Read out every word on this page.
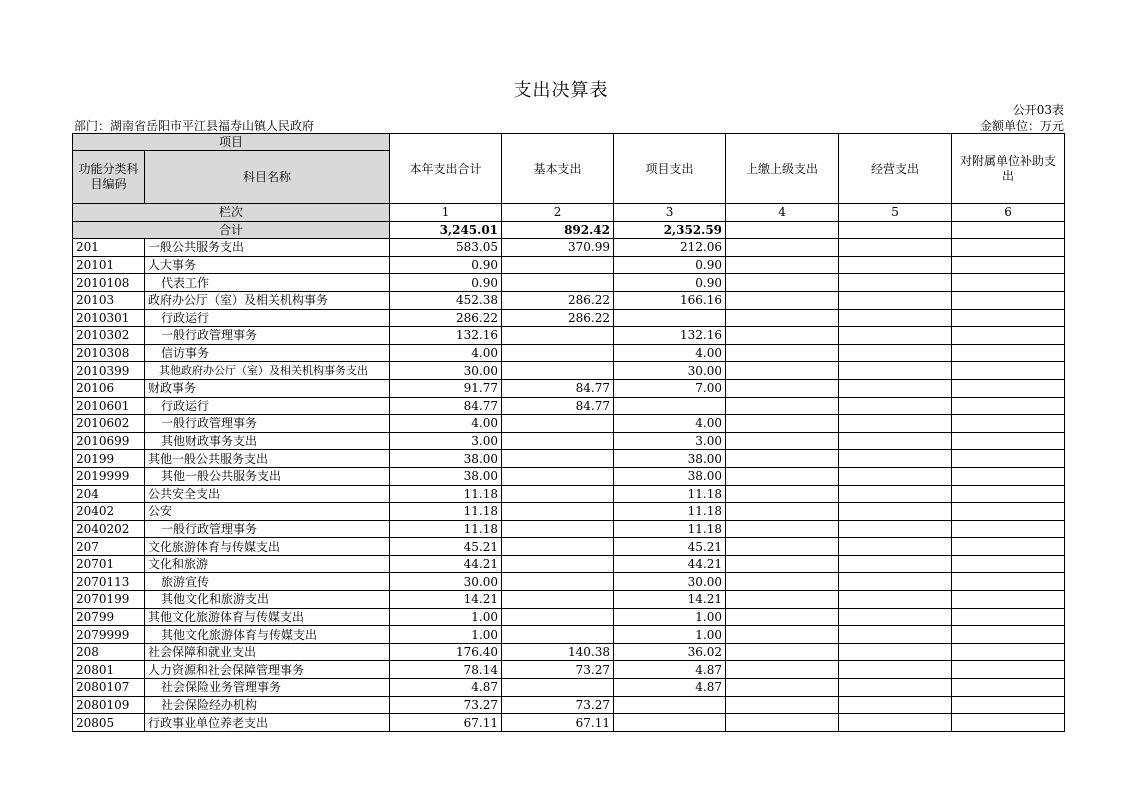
支出决算表
公开03表
部门：湖南省岳阳市平江县福寿山镇人民政府	金额单位：万元
项目		本年支出合计	基本支出	项目支出	上缴上级支出	经营支出	对附属单位补助支出
功能分类科目编码	科目名称						
栏次		1	2	3	4	5	6
合计		3,245.01	892.42	2,352.59			
201	一般公共服务支出	583.05	370.99	212.06			
20101	人大事务	0.90		0.90			
2010108	代表工作	0.90		0.90			
20103	政府办公厅（室）及相关机构事务	452.38	286.22	166.16			
2010301	行政运行	286.22	286.22				
2010302	一般行政管理事务	132.16		132.16			
2010308	信访事务	4.00		4.00			
2010399	其他政府办公厅（室）及相关机构事务支出	30.00		30.00			
20106	财政事务	91.77	84.77	7.00			
2010601	行政运行	84.77	84.77				
2010602	一般行政管理事务	4.00		4.00			
2010699	其他财政事务支出	3.00		3.00			
20199	其他一般公共服务支出	38.00		38.00			
2019999	其他一般公共服务支出	38.00		38.00			
204	公共安全支出	11.18		11.18			
20402	公安	11.18		11.18			
2040202	一般行政管理事务	11.18		11.18			
207	文化旅游体育与传媒支出	45.21		45.21			
20701	文化和旅游	44.21		44.21			
2070113	旅游宣传	30.00		30.00			
2070199	其他文化和旅游支出	14.21		14.21			
20799	其他文化旅游体育与传媒支出	1.00		1.00			
2079999	其他文化旅游体育与传媒支出	1.00		1.00			
208	社会保障和就业支出	176.40	140.38	36.02			
20801	人力资源和社会保障管理事务	78.14	73.27	4.87			
2080107	社会保险业务管理事务	4.87		4.87			
2080109	社会保险经办机构	73.27	73.27				
20805	行政事业单位养老支出	67.11	67.11				
